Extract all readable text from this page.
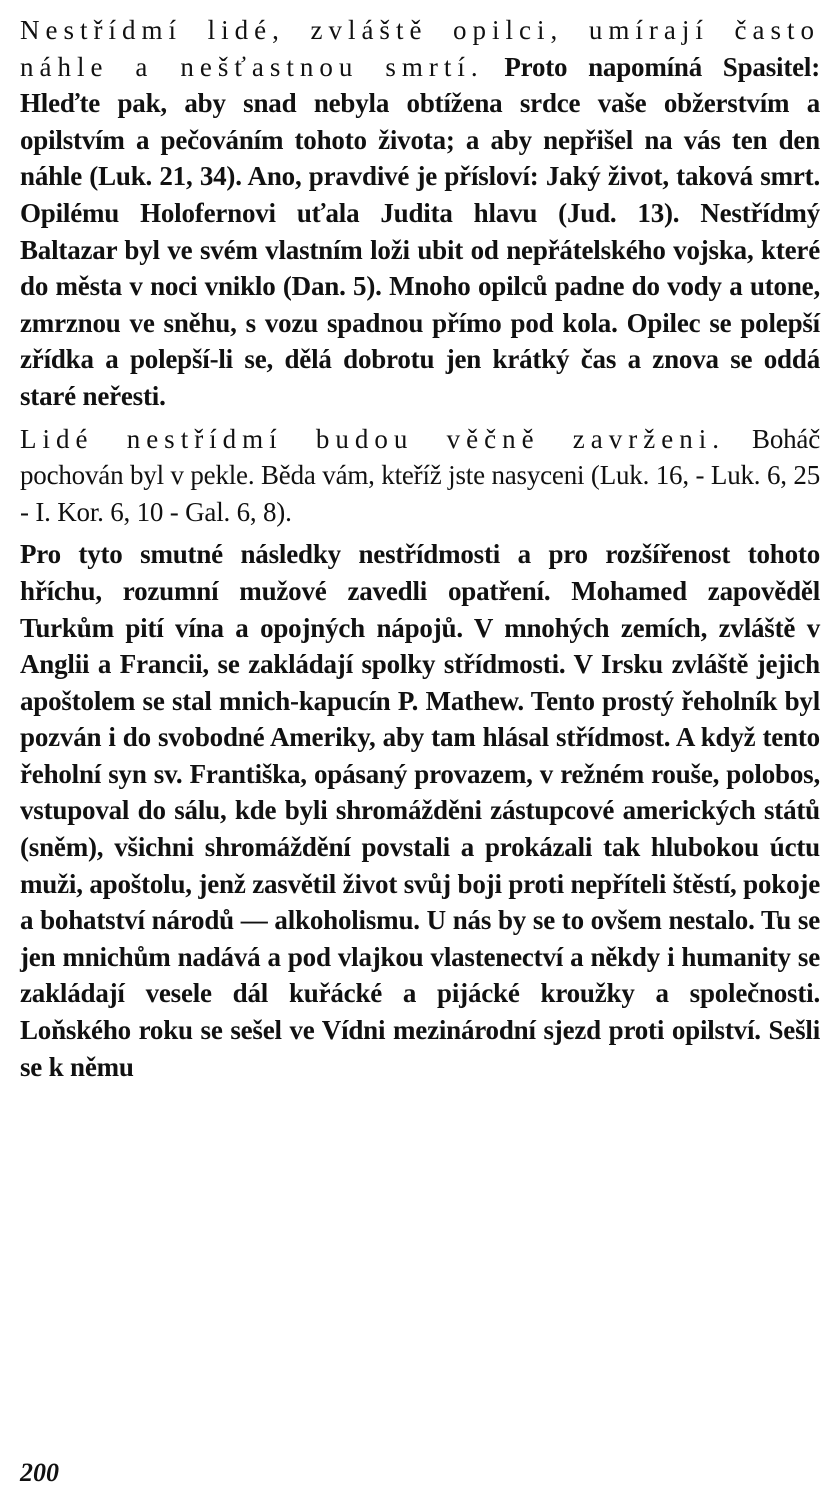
Nestřídmí lidé, zvláště opilci, umírají často náhle a nešťastnou smrtí. Proto napomíná Spasitel: Hleďte pak, aby snad nebyla obtížena srdce vaše obžerstvím a opilstvím a pečováním tohoto života; a aby nepřišel na vás ten den náhle (Luk. 21, 34). Ano, pravdivé je přísloví: Jaký život, taková smrt. Opilému Holofernovi uťala Judita hlavu (Jud. 13). Nestřídmý Baltazar byl ve svém vlastním loži ubit od nepřátelského vojska, které do města v noci vniklo (Dan. 5). Mnoho opilců padne do vody a utone, zmrznou ve sněhu, s vozu spadnou přímo pod kola. Opilec se polepší zřídka a polepší-li se, dělá dobrotu jen krátký čas a znova se oddá staré neřesti.

Lidé nestřídmí budou věčně zavrženi. Boháč pochován byl v pekle. Běda vám, kteříž jste nasyceni (Luk. 16, - Luk. 6, 25 - I. Kor. 6, 10 - Gal. 6, 8).

Pro tyto smutné následky nestřídmosti a pro rozšířenost tohoto hříchu, rozumní mužové zavedli opatření. Mohamed zapověděl Turkům pití vína a opojných nápojů. V mnohých zemích, zvláště v Anglii a Francii, se zakládají spolky střídmosti. V Irsku zvláště jejich apoštolem se stal mnich-kapucín P. Mathew. Tento prostý řeholník byl pozván i do svobodné Ameriky, aby tam hlásal střídmost. A když tento řeholní syn sv. Františka, opásaný provazem, v režném rouše, polobos, vstupoval do sálu, kde byli shromážděni zástupcové amerických států (sněm), všichni shromáždění povstali a prokázali tak hlubokou úctu muži, apoštolu, jenž zasvětil život svůj boji proti nepříteli štěstí, pokoje a bohatství národů — alkoholismu. U nás by se to ovšem nestalo. Tu se jen mnichům nadává a pod vlajkou vlastenectví a někdy i humanity se zakládají vesele dál kuřácké a pijácké kroužky a společnosti. Loňského roku se sešel ve Vídni mezinárodní sjezd proti opilství. Sešli se k němu

200
